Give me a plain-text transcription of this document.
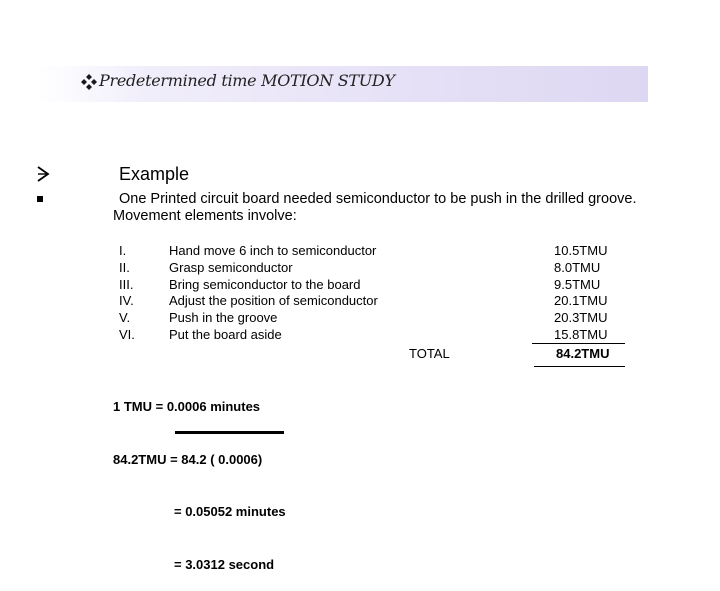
Predetermined time MOTION STUDY
Example
One Printed circuit board needed semiconductor to be push in the drilled groove. Movement elements involve:
I.	Hand move 6 inch to semiconductor	10.5TMU
II.	Grasp semiconductor	8.0TMU
III.	Bring semiconductor to the board	9.5TMU
IV.	Adjust the position of semiconductor	20.1TMU
V.	Push in the groove	20.3TMU
VI.	Put the board aside	15.8TMU
TOTAL	84.2TMU

1 TMU = 0.0006 minutes

84.2TMU = 84.2 ( 0.0006)

= 0.05052 minutes

= 3.0312 second
